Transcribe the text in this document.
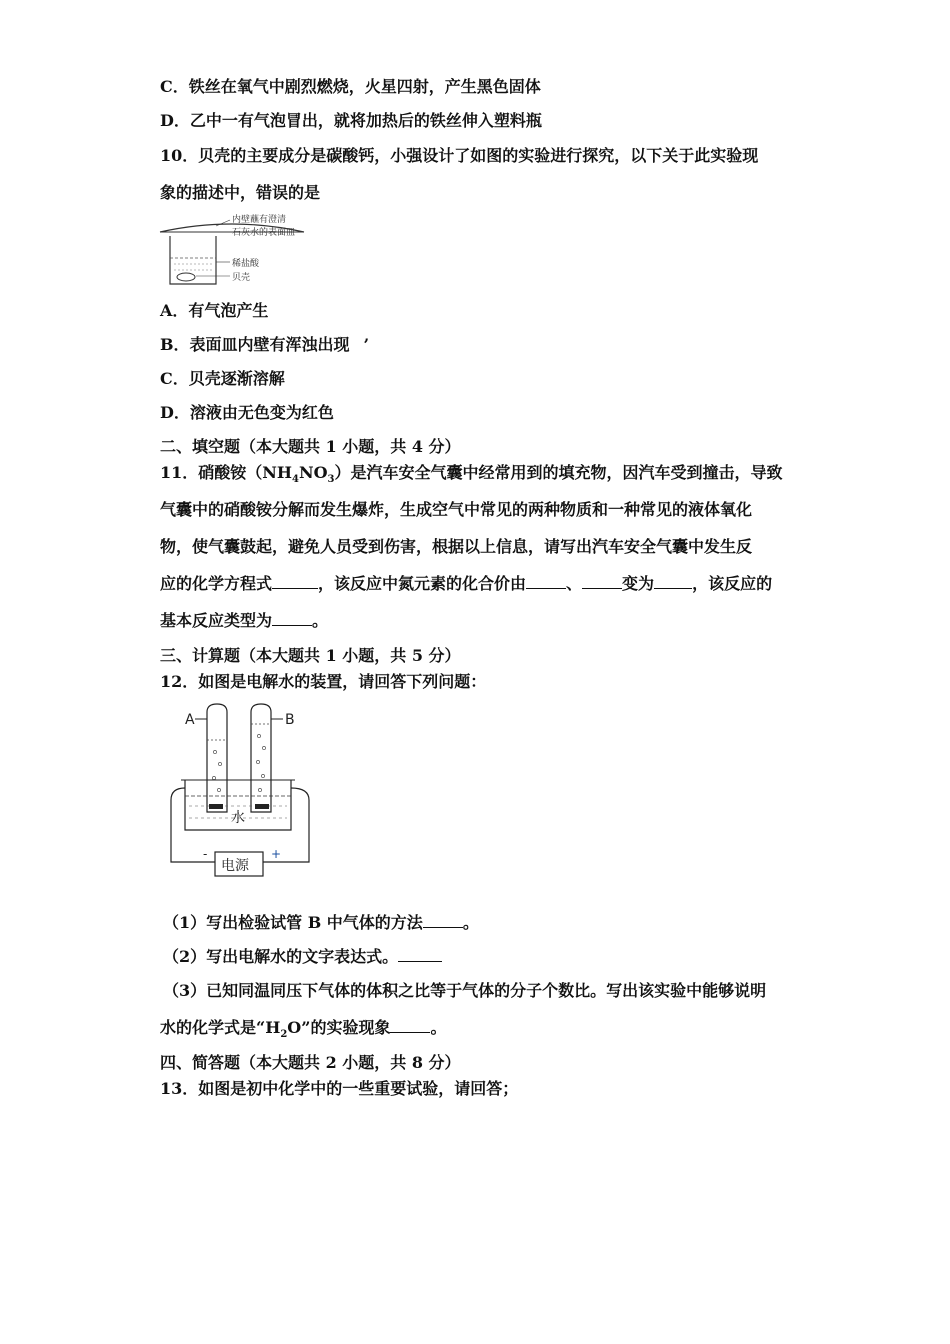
C．铁丝在氧气中剧烈燃烧，火星四射，产生黑色固体
D．乙中一有气泡冒出，就将加热后的铁丝伸入塑料瓶
10．贝壳的主要成分是碳酸钙，小强设计了如图的实验进行探究，以下关于此实验现
象的描述中，错误的是
内壁蘸有澄清
石灰水的表面皿
稀盐酸
贝壳
A．有气泡产生
B．表面皿内壁有浑浊出现 ’
C．贝壳逐渐溶解
D．溶液由无色变为红色
二、填空题（本大题共 1 小题，共 4 分）
11．硝酸铵$(NH_4NO_3)$是汽车安全气囊中经常用到的填充物，因汽车受到撞击，导致
气囊中的硝酸铵分解而发生爆炸，生成空气中常见的两种物质和一种常见的液体氧化
物，使气囊鼓起，避免人员受到伤害，根据以上信息，请写出汽车安全气囊中发生反
应的化学方程式	，该反应中氮元素的化合价由	、	变为 ，该反应的
基本反应类型为	。
三、计算题（本大题共 1 小题，共 5 分）
12．如图是电解水的装置，请回答下列问题：
A	B
水
电源
-	+
（1）写出检验试管 B 中气体的方法	。
（2）写出电解水的文字表达式。
（3）已知同温同压下气体的体积之比等于气体的分子个数比。写出该实验中能够说明
水的化学式是“$H_2O$”的实验现象	。
四、简答题（本大题共 2 小题，共 8 分）
13．如图是初中化学中的一些重要试验，请回答；
